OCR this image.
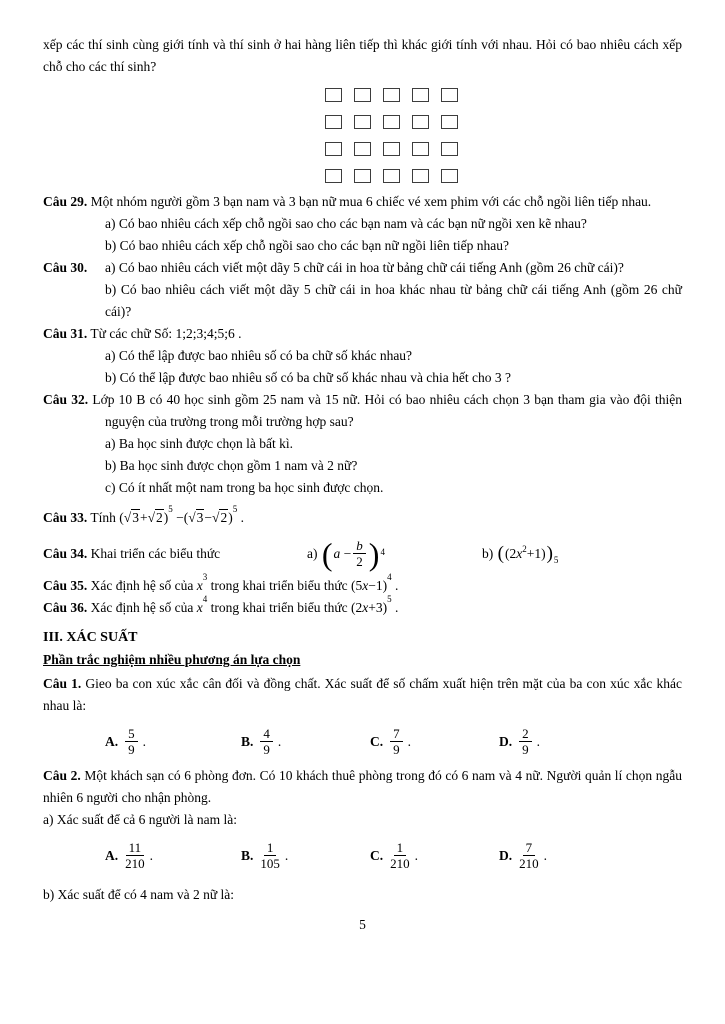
xếp các thí sinh cùng giới tính và thí sinh ở hai hàng liên tiếp thì khác giới tính với nhau. Hỏi có bao nhiêu cách xếp chỗ cho các thí sinh?

Câu 29. Một nhóm người gồm 3 bạn nam và 3 bạn nữ mua 6 chiếc vé xem phim với các chỗ ngồi liên tiếp nhau.

a) Có bao nhiêu cách xếp chỗ ngồi sao cho các bạn nam và các bạn nữ ngồi xen kẽ nhau?

b) Có bao nhiêu cách xếp chỗ ngồi sao cho các bạn nữ ngồi liên tiếp nhau?

Câu 30. a) Có bao nhiêu cách viết một dãy 5 chữ cái in hoa từ bảng chữ cái tiếng Anh (gồm 26 chữ cái)?

b) Có bao nhiêu cách viết một dãy 5 chữ cái in hoa khác nhau từ bảng chữ cái tiếng Anh (gồm 26 chữ cái)?

Câu 31. Từ các chữ Số: 1;2;3;4;5;6 .

a) Có thể lập được bao nhiêu số có ba chữ số khác nhau?

b) Có thể lập được bao nhiêu số có ba chữ số khác nhau và chia hết cho 3 ?

Câu 32. Lớp 10 B có 40 học sinh gồm 25 nam và 15 nữ. Hỏi có bao nhiêu cách chọn 3 bạn tham gia vào đội thiện nguyện của trường trong mỗi trường hợp sau?

a) Ba học sinh được chọn là bất kì.

b) Ba học sinh được chọn gồm 1 nam và 2 nữ?

c) Có ít nhất một nam trong ba học sinh được chọn.

Câu 33. Tính $(√3+√2)^5 -(√3-√2)^5$ .

Câu 34. Khai triển các biểu thức	a)
( a
− $\frac{b}{2}$ ) 4	b)
( (2 $x^2 +1$) ) 5

Câu 35. Xác định hệ số của $x^3$ trong khai triển biểu thức $(5x-1)^4$ .

Câu 36. Xác định hệ số của $x^4$ trong khai triển biểu thức $(2x+3)^5$ .

III. XÁC SUẤT

Phần trắc nghiệm nhiều phương án lựa chọn

Câu 1. Gieo ba con xúc xắc cân đối và đồng chất. Xác suất để số chấm xuất hiện trên mặt của ba con xúc xắc khác nhau là:

A. $\frac{5}{9}$ .	B. $\frac{4}{9}$ .	C. $\frac{7}{9}$ .	D. $\frac{2}{9}$ .

Câu 2. Một khách sạn có 6 phòng đơn. Có 10 khách thuê phòng trong đó có 6 nam và 4 nữ. Người quản lí chọn ngẫu nhiên 6 người cho nhận phòng.

a) Xác suất để cả 6 người là nam là:

A. $\frac{11}{210}$ .	B. $\frac{1}{105}$ .	C. $\frac{1}{210}$ .	D. $\frac{7}{210}$ .

b) Xác suất để có 4 nam và 2 nữ là:

5
